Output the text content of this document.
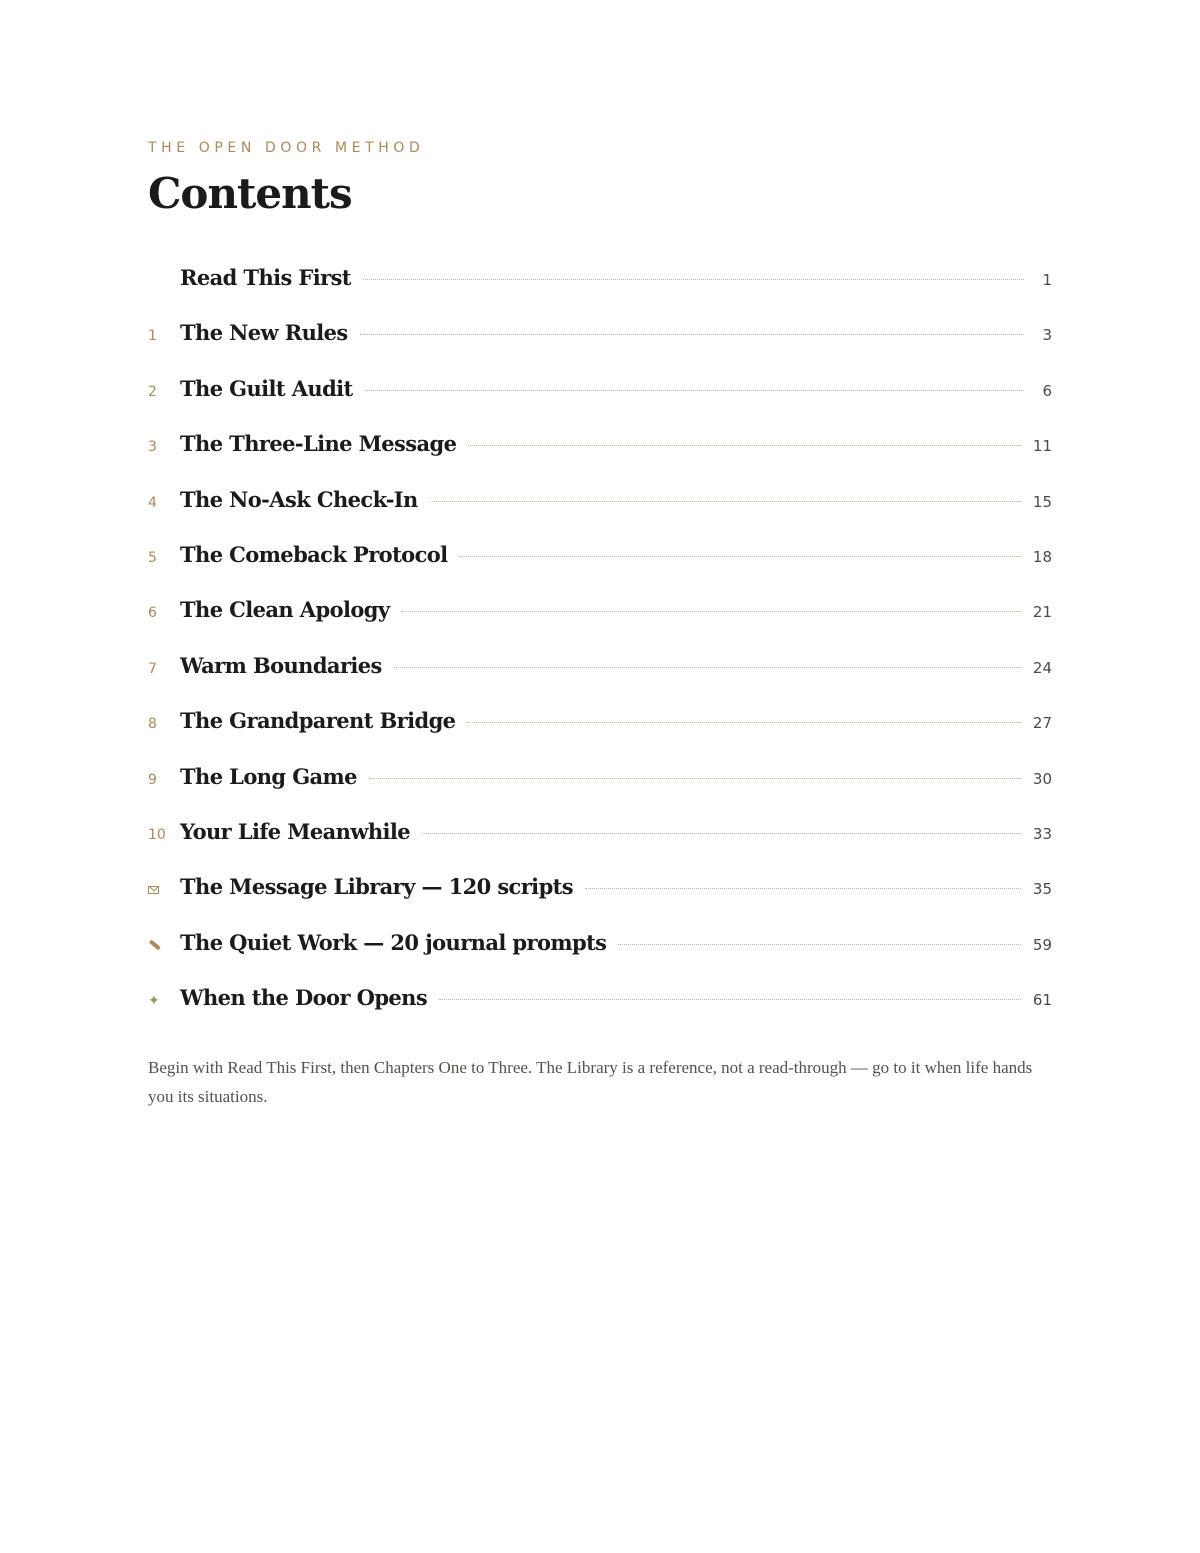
THE OPEN DOOR METHOD
Contents
Read This First	1
1	The New Rules	3
2	The Guilt Audit	6
3	The Three-Line Message	11
4	The No-Ask Check-In	15
5	The Comeback Protocol	18
6	The Clean Apology	21
7	Warm Boundaries	24
8	The Grandparent Bridge	27
9	The Long Game	30
10 Your Life Meanwhile	33
The Message Library — 120 scripts	35
The Quiet Work — 20 journal prompts	59
✦ When the Door Opens	61

Begin with Read This First, then Chapters One to Three. The Library is a reference, not a read-through — go to it when life hands you its situations.
